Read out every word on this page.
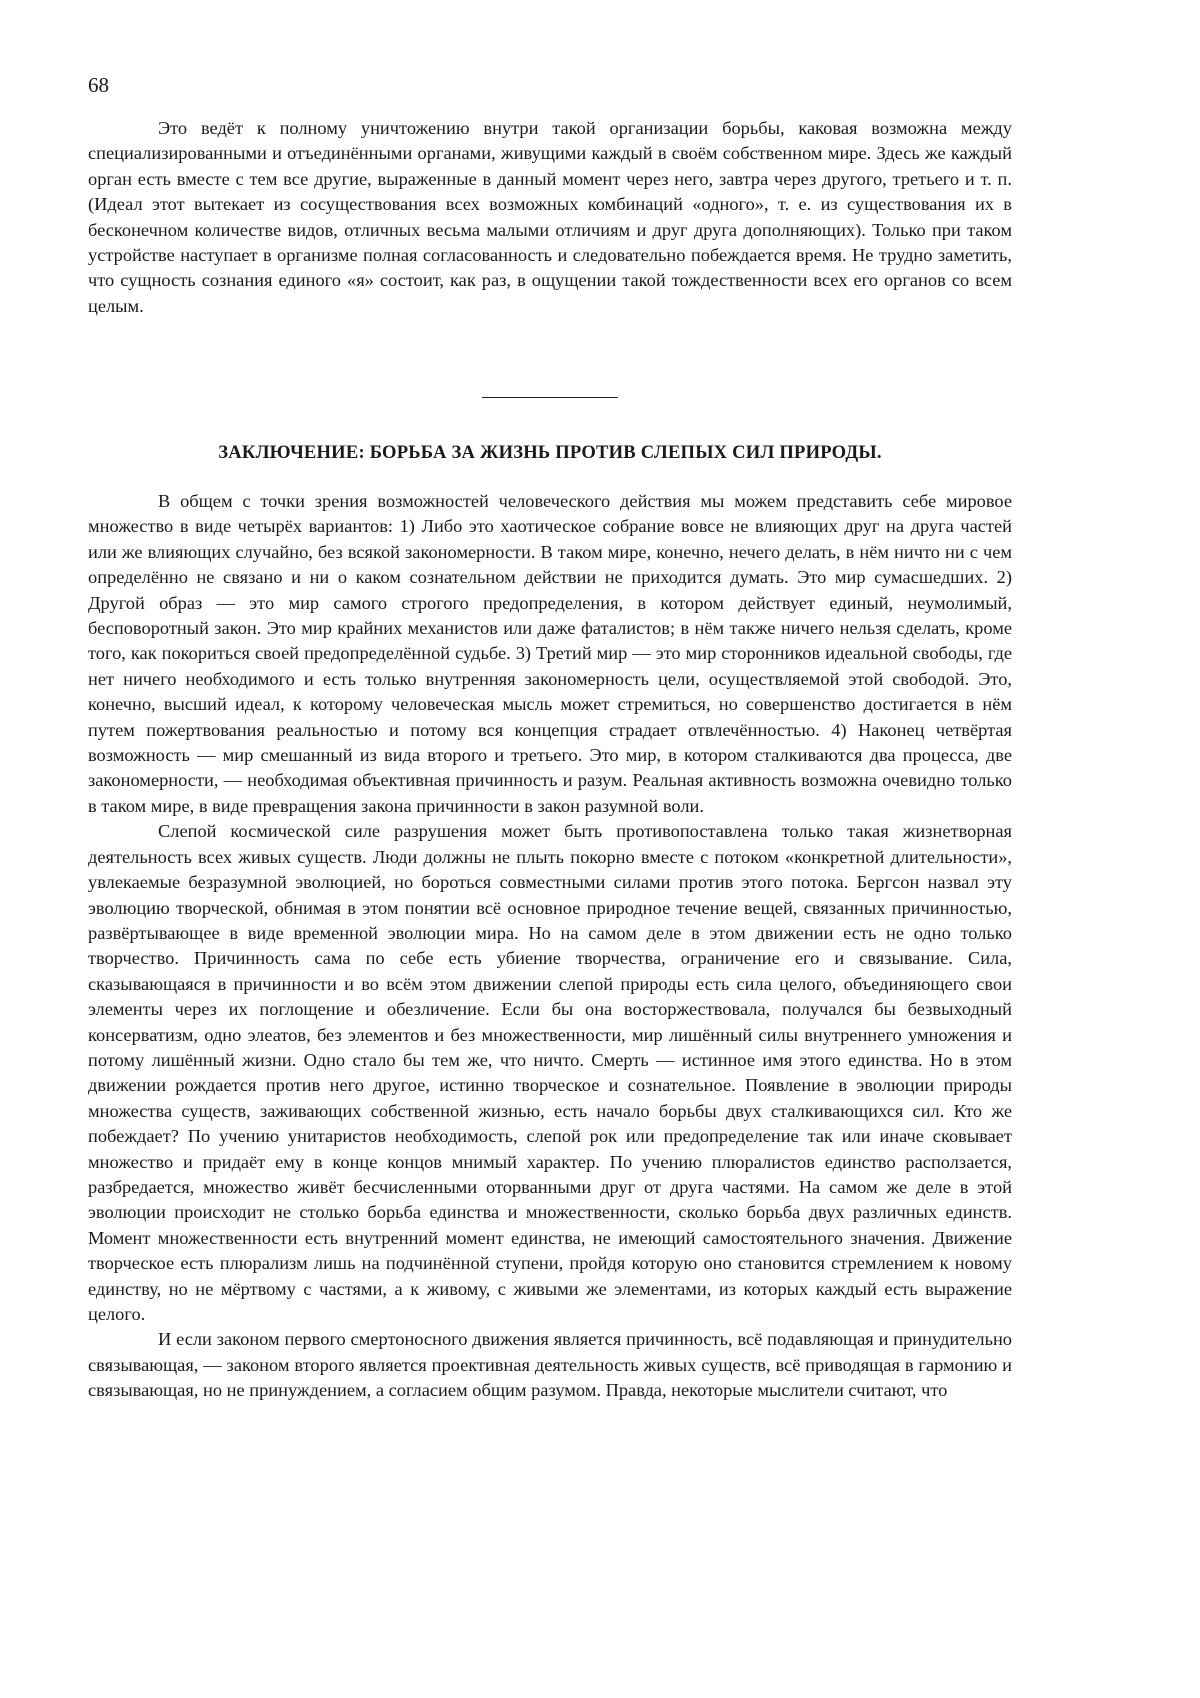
68

Это ведёт к полному уничтожению внутри такой организации борьбы, каковая возможна между специализированными и отъединёнными органами, живущими каждый в своём собственном мире. Здесь же каждый орган есть вместе с тем все другие, выраженные в данный момент через него, завтра через другого, третьего и т. п. (Идеал этот вытекает из сосуществования всех возможных комбинаций «одного», т. е. из существования их в бесконечном количестве видов, отличных весьма малыми отличиям и друг друга дополняющих). Только при таком устройстве наступает в организме полная согласованность и следовательно побеждается время. Не трудно заметить, что сущность сознания единого «я» состоит, как раз, в ощущении такой тождественности всех его органов со всем целым.

ЗАКЛЮЧЕНИЕ: БОРЬБА ЗА ЖИЗНЬ ПРОТИВ СЛЕПЫХ СИЛ ПРИРОДЫ.

В общем с точки зрения возможностей человеческого действия мы можем представить себе мировое множество в виде четырёх вариантов: 1) Либо это хаотическое собрание вовсе не влияющих друг на друга частей или же влияющих случайно, без всякой закономерности. В таком мире, конечно, нечего делать, в нём ничто ни с чем определённо не связано и ни о каком сознательном действии не приходится думать. Это мир сумасшедших. 2) Другой образ — это мир самого строгого предопределения, в котором действует единый, неумолимый, бесповоротный закон. Это мир крайних механистов или даже фаталистов; в нём также ничего нельзя сделать, кроме того, как покориться своей предопределённой судьбе. 3) Третий мир — это мир сторонников идеальной свободы, где нет ничего необходимого и есть только внутренняя закономерность цели, осуществляемой этой свободой. Это, конечно, высший идеал, к которому человеческая мысль может стремиться, но совершенство достигается в нём путем пожертвования реальностью и потому вся концепция страдает отвлечённостью. 4) Наконец четвёртая возможность — мир смешанный из вида второго и третьего. Это мир, в котором сталкиваются два процесса, две закономерности, — необходимая объективная причинность и разум. Реальная активность возможна очевидно только в таком мире, в виде превращения закона причинности в закон разумной воли.

Слепой космической силе разрушения может быть противопоставлена только такая жизнетворная деятельность всех живых существ. Люди должны не плыть покорно вместе с потоком «конкретной длительности», увлекаемые безразумной эволюцией, но бороться совместными силами против этого потока. Бергсон назвал эту эволюцию творческой, обнимая в этом понятии всё основное природное течение вещей, связанных причинностью, развёртывающее в виде временной эволюции мира. Но на самом деле в этом движении есть не одно только творчество. Причинность сама по себе есть убиение творчества, ограничение его и связывание. Сила, сказывающаяся в причинности и во всём этом движении слепой природы есть сила целого, объединяющего свои элементы через их поглощение и обезличение. Если бы она восторжествовала, получался бы безвыходный консерватизм, одно элеатов, без элементов и без множественности, мир лишённый силы внутреннего умножения и потому лишённый жизни. Одно стало бы тем же, что ничто. Смерть — истинное имя этого единства. Но в этом движении рождается против него другое, истинно творческое и сознательное. Появление в эволюции природы множества существ, заживающих собственной жизнью, есть начало борьбы двух сталкивающихся сил. Кто же побеждает? По учению унитаристов необходимость, слепой рок или предопределение так или иначе сковывает множество и придаёт ему в конце концов мнимый характер. По учению плюралистов единство расползается, разбредается, множество живёт бесчисленными оторванными друг от друга частями. На самом же деле в этой эволюции происходит не столько борьба единства и множественности, сколько борьба двух различных единств. Момент множественности есть внутренний момент единства, не имеющий самостоятельного значения. Движение творческое есть плюрализм лишь на подчинённой ступени, пройдя которую оно становится стремлением к новому единству, но не мёртвому с частями, а к живому, с живыми же элементами, из которых каждый есть выражение целого.

И если законом первого смертоносного движения является причинность, всё подавляющая и принудительно связывающая, — законом второго является проективная деятельность живых существ, всё приводящая в гармонию и связывающая, но не принуждением, а согласием общим разумом. Правда, некоторые мыслители считают, что
